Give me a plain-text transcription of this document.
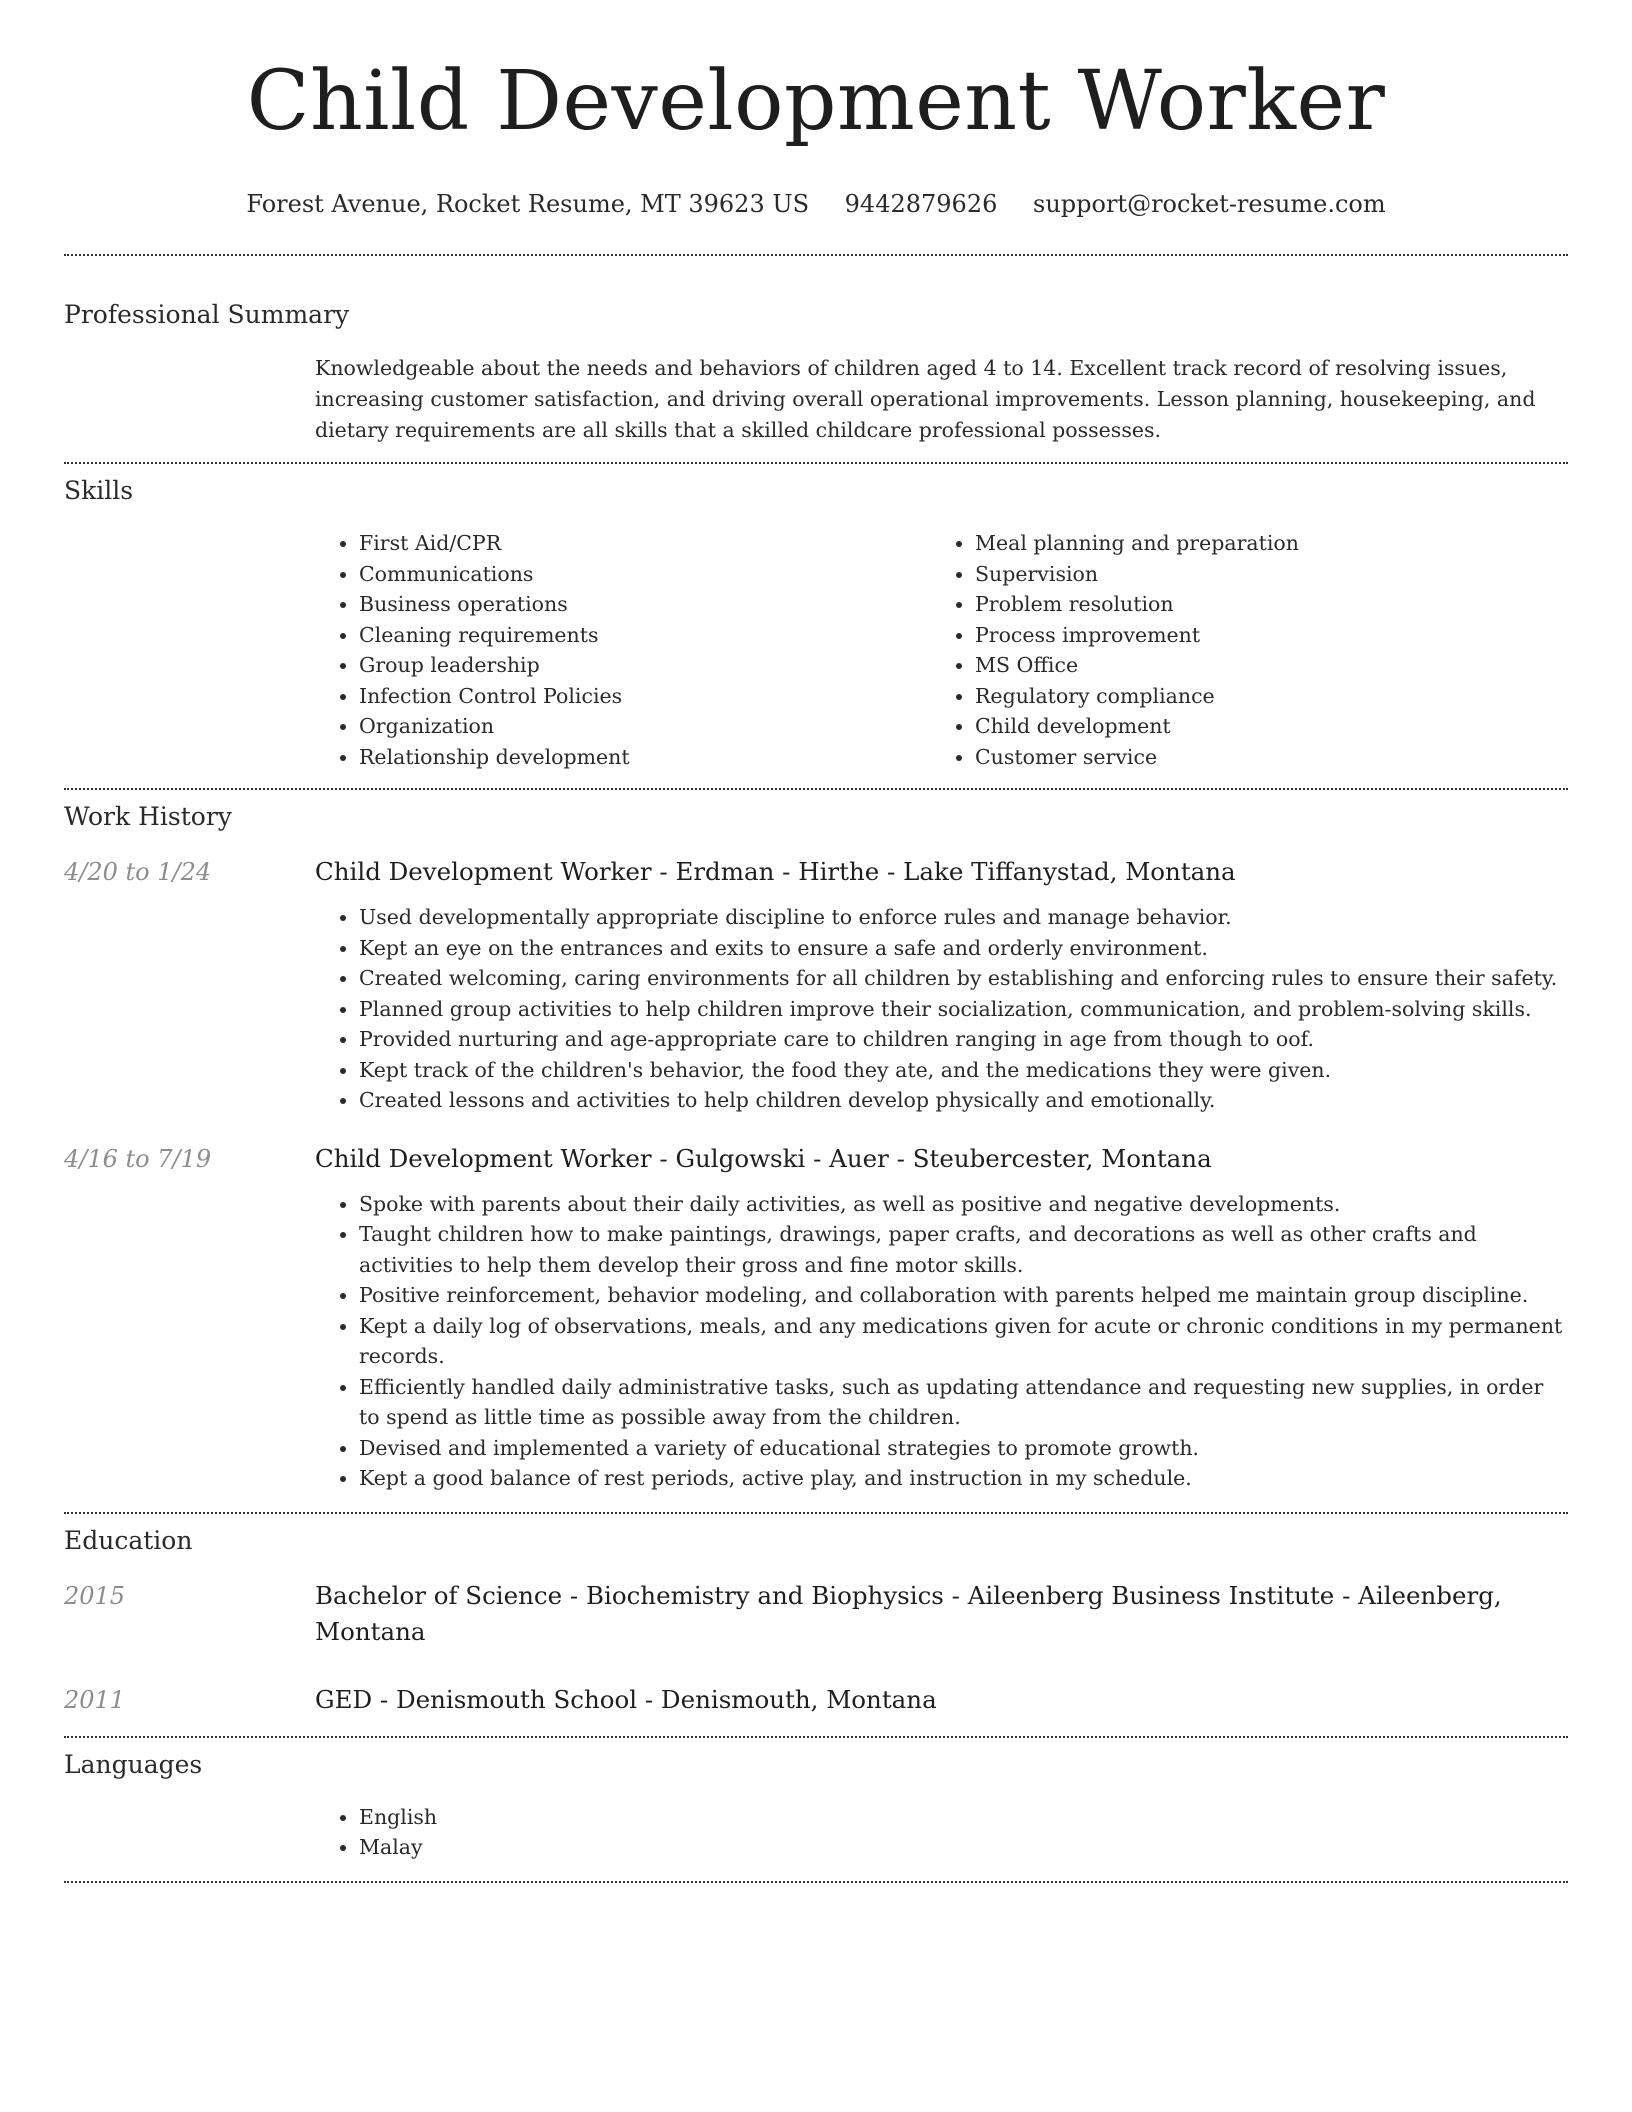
Child Development Worker
Forest Avenue, Rocket Resume, MT 39623 US 9442879626 support@rocket-resume.com
Professional Summary

Knowledgeable about the needs and behaviors of children aged 4 to 14. Excellent track record of resolving issues, increasing customer satisfaction, and driving overall operational improvements. Lesson planning, housekeeping, and dietary requirements are all skills that a skilled childcare professional possesses.

Skills
• First Aid/CPR
• Communications
• Business operations
• Cleaning requirements
• Group leadership
• Infection Control Policies
• Organization
• Relationship development
• Meal planning and preparation
• Supervision
• Problem resolution
• Process improvement
• MS Office
• Regulatory compliance
• Child development
• Customer service
Work History
4/20 to 1/24	Child Development Worker - Erdman - Hirthe - Lake Tiffanystad, Montana
• Used developmentally appropriate discipline to enforce rules and manage behavior.
• Kept an eye on the entrances and exits to ensure a safe and orderly environment.
• Created welcoming, caring environments for all children by establishing and enforcing rules to ensure their safety.
• Planned group activities to help children improve their socialization, communication, and problem-solving skills.
• Provided nurturing and age-appropriate care to children ranging in age from though to oof.
• Kept track of the children's behavior, the food they ate, and the medications they were given.
• Created lessons and activities to help children develop physically and emotionally.
4/16 to 7/19	Child Development Worker - Gulgowski - Auer - Steubercester, Montana
• Spoke with parents about their daily activities, as well as positive and negative developments.
• Taught children how to make paintings, drawings, paper crafts, and decorations as well as other crafts and activities to help them develop their gross and fine motor skills.
• Positive reinforcement, behavior modeling, and collaboration with parents helped me maintain group discipline.
• Kept a daily log of observations, meals, and any medications given for acute or chronic conditions in my permanent records.
• Efficiently handled daily administrative tasks, such as updating attendance and requesting new supplies, in order to spend as little time as possible away from the children.
• Devised and implemented a variety of educational strategies to promote growth.
• Kept a good balance of rest periods, active play, and instruction in my schedule.
Education
2015	Bachelor of Science - Biochemistry and Biophysics - Aileenberg Business Institute - Aileenberg, Montana
2011	GED - Denismouth School - Denismouth, Montana
Languages
• English
• Malay
